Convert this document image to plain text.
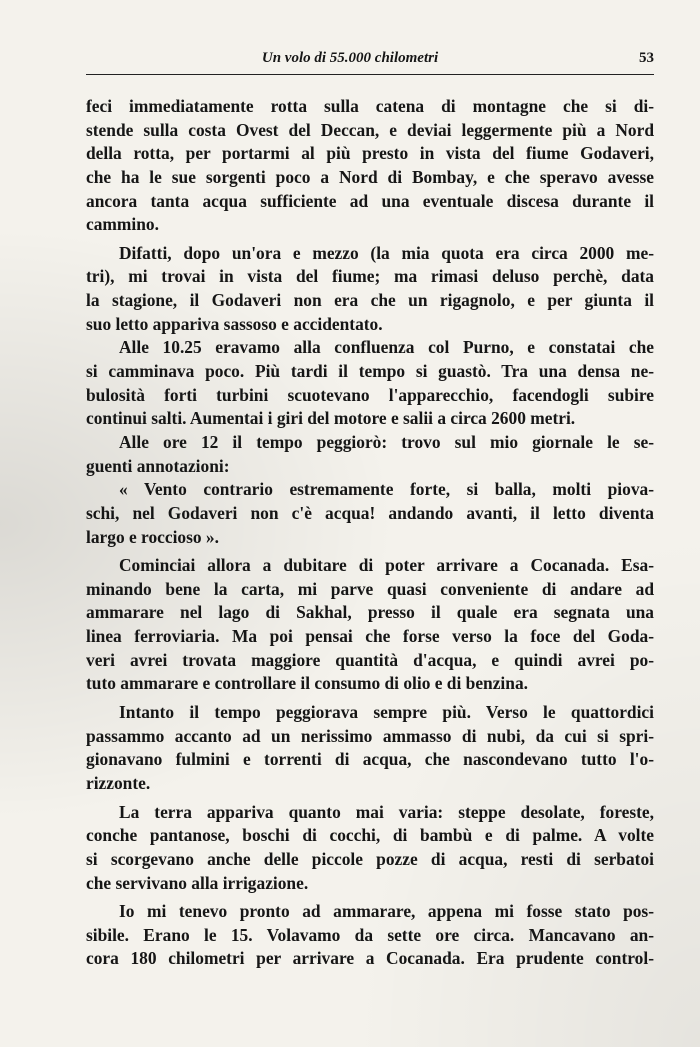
Un volo di 55.000 chilometri	53
feci immediatamente rotta sulla catena di montagne che si di-
stende sulla costa Ovest del Deccan, e deviai leggermente più a Nord
della rotta, per portarmi al più presto in vista del fiume Godaveri,
che ha le sue sorgenti poco a Nord di Bombay, e che speravo avesse
ancora tanta acqua sufficiente ad una eventuale discesa durante il
cammino.
Difatti, dopo un'ora e mezzo (la mia quota era circa 2000 me-
tri), mi trovai in vista del fiume; ma rimasi deluso perchè, data
la stagione, il Godaveri non era che un rigagnolo, e per giunta il
suo letto appariva sassoso e accidentato.
Alle 10.25 eravamo alla confluenza col Purno, e constatai che
si camminava poco. Più tardi il tempo si guastò. Tra una densa ne-
bulosità forti turbini scuotevano l'apparecchio, facendogli subire
continui salti. Aumentai i giri del motore e salii a circa 2600 metri.
Alle ore 12 il tempo peggiorò: trovo sul mio giornale le se-
guenti annotazioni:
« Vento contrario estremamente forte, si balla, molti piova-
schi, nel Godaveri non c'è acqua! andando avanti, il letto diventa
largo e roccioso ».
Cominciai allora a dubitare di poter arrivare a Cocanada. Esa-
minando bene la carta, mi parve quasi conveniente di andare ad
ammarare nel lago di Sakhal, presso il quale era segnata una
linea ferroviaria. Ma poi pensai che forse verso la foce del Goda-
veri avrei trovata maggiore quantità d'acqua, e quindi avrei po-
tuto ammarare e controllare il consumo di olio e di benzina.
Intanto il tempo peggiorava sempre più. Verso le quattordici
passammo accanto ad un nerissimo ammasso di nubi, da cui si spri-
gionavano fulmini e torrenti di acqua, che nascondevano tutto l'o-
rizzonte.
La terra appariva quanto mai varia: steppe desolate, foreste,
conche pantanose, boschi di cocchi, di bambù e di palme. A volte
si scorgevano anche delle piccole pozze di acqua, resti di serbatoi
che servivano alla irrigazione.
Io mi tenevo pronto ad ammarare, appena mi fosse stato pos-
sibile. Erano le 15. Volavamo da sette ore circa. Mancavano an-
cora 180 chilometri per arrivare a Cocanada. Era prudente control-
